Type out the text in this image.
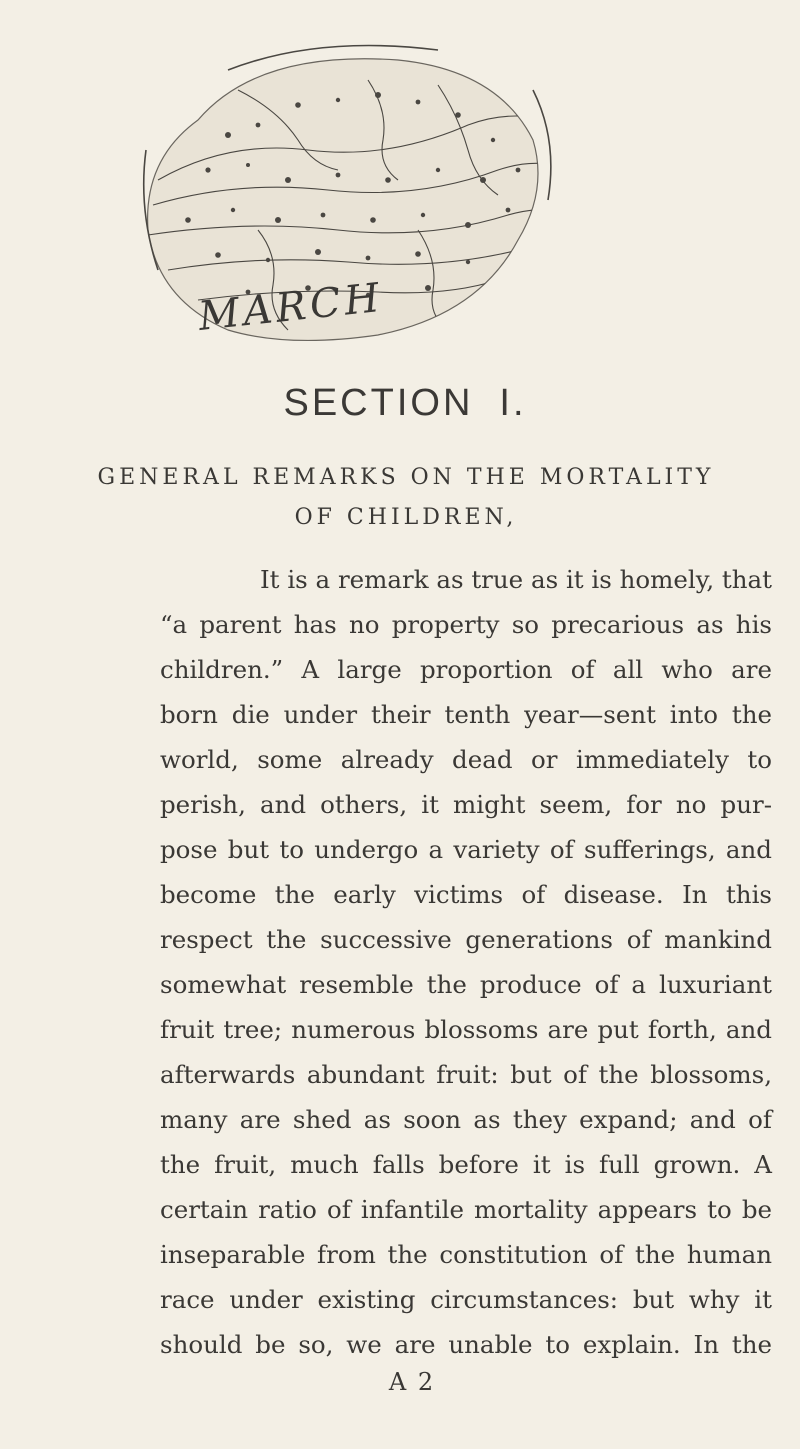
MARCH
SECTION I.
GENERAL REMARKS ON THE MORTALITY
OF CHILDREN,
It is a remark as true as it is homely, that
“a parent has no property so precarious as his
children.” A large proportion of all who are
born die under their tenth year—sent into the
world, some already dead or immediately to
perish, and others, it might seem, for no pur-
pose but to undergo a variety of sufferings, and
become the early victims of disease. In this
respect the successive generations of mankind
somewhat resemble the produce of a luxuriant
fruit tree; numerous blossoms are put forth, and
afterwards abundant fruit: but of the blossoms,
many are shed as soon as they expand; and of
the fruit, much falls before it is full grown. A
certain ratio of infantile mortality appears to be
inseparable from the constitution of the human
race under existing circumstances: but why it
should be so, we are unable to explain. In the
A 2
